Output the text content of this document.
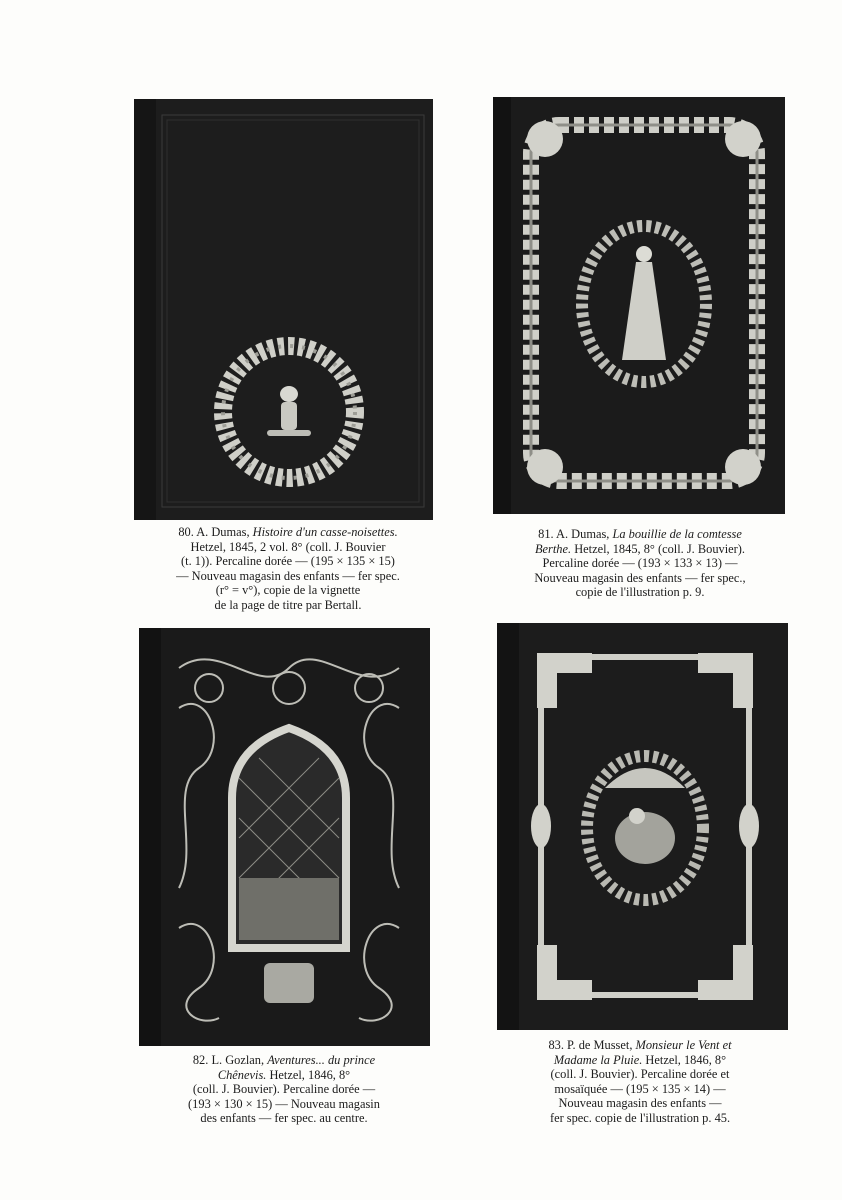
80. A. Dumas, Histoire d'un casse-noisettes.
Hetzel, 1845, 2 vol. 8° (coll. J. Bouvier
(t. 1)). Percaline dorée — (195 × 135 × 15)
— Nouveau magasin des enfants — fer spec.
(r° = v°), copie de la vignette
de la page de titre par Bertall.
81. A. Dumas, La bouillie de la comtesse
Berthe. Hetzel, 1845, 8° (coll. J. Bouvier).
Percaline dorée — (193 × 133 × 13) —
Nouveau magasin des enfants — fer spec.,
copie de l'illustration p. 9.
82. L. Gozlan, Aventures... du prince
Chênevis. Hetzel, 1846, 8°
(coll. J. Bouvier). Percaline dorée —
(193 × 130 × 15) — Nouveau magasin
des enfants — fer spec. au centre.
83. P. de Musset, Monsieur le Vent et
Madame la Pluie. Hetzel, 1846, 8°
(coll. J. Bouvier). Percaline dorée et
mosaïquée — (195 × 135 × 14) —
Nouveau magasin des enfants —
fer spec. copie de l'illustration p. 45.
